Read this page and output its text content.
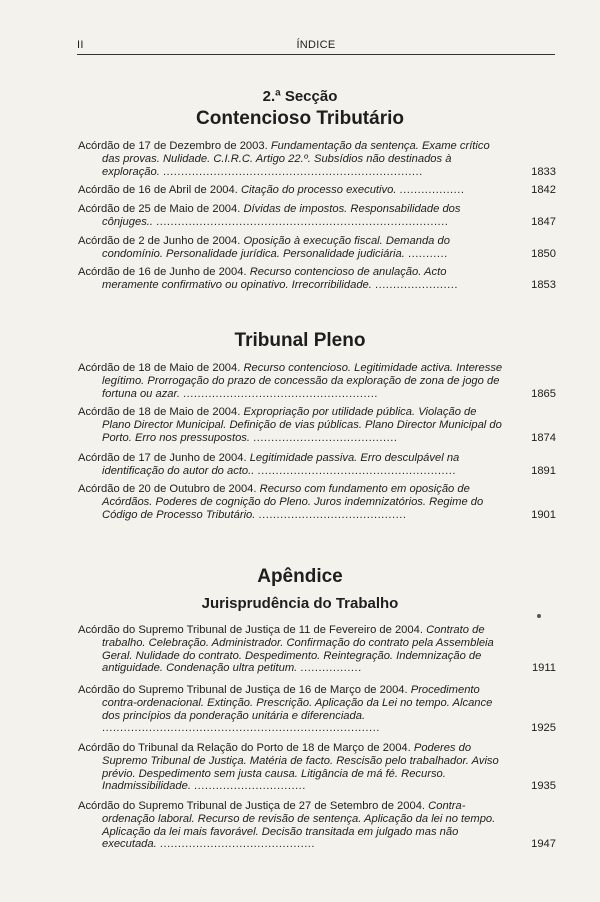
II	ÍNDICE
2.ª Secção
Contencioso Tributário
Acórdão de 17 de Dezembro de 2003. Fundamentação da sentença. Exame crítico das provas. Nulidade. C.I.R.C. Artigo 22.º. Subsídios não destinados à exploração. ........................................................................	1833
Acórdão de 16 de Abril de 2004. Citação do processo executivo. ..................	1842
Acórdão de 25 de Maio de 2004. Dívidas de impostos. Responsabilidade dos cônjuges.. .................................................................................	1847
Acórdão de 2 de Junho de 2004. Oposição à execução fiscal. Demanda do condomínio. Personalidade jurídica. Personalidade judiciária. ...........	1850
Acórdão de 16 de Junho de 2004. Recurso contencioso de anulação. Acto meramente confirmativo ou opinativo. Irrecorribilidade. .......................	1853
Tribunal Pleno
Acórdão de 18 de Maio de 2004. Recurso contencioso. Legitimidade activa. Interesse legítimo. Prorrogação do prazo de concessão da exploração de zona de jogo de fortuna ou azar. ......................................................	1865
Acórdão de 18 de Maio de 2004. Expropriação por utilidade pública. Violação de Plano Director Municipal. Definição de vias públicas. Plano Director Municipal do Porto. Erro nos pressupostos. ........................................	1874
Acórdão de 17 de Junho de 2004. Legitimidade passiva. Erro desculpável na identificação do autor do acto.. .......................................................	1891
Acórdão de 20 de Outubro de 2004. Recurso com fundamento em oposição de Acórdãos. Poderes de cognição do Pleno. Juros indemnizatórios. Regime do Código de Processo Tributário. .........................................	1901
Apêndice
Jurisprudência do Trabalho
Acórdão do Supremo Tribunal de Justiça de 11 de Fevereiro de 2004. Contrato de trabalho. Celebração. Administrador. Confirmação do contrato pela Assembleia Geral. Nulidade do contrato. Despedimento. Reintegração. Indemnização de antiguidade. Condenação ultra petitum. .................	1911
Acórdão do Supremo Tribunal de Justiça de 16 de Março de 2004. Procedimento contra-ordenacional. Extinção. Prescrição. Aplicação da Lei no tempo. Alcance dos princípios da ponderação unitária e diferenciada. .............................................................................	1925
Acórdão do Tribunal da Relação do Porto de 18 de Março de 2004. Poderes do Supremo Tribunal de Justiça. Matéria de facto. Rescisão pelo trabalhador. Aviso prévio. Despedimento sem justa causa. Litigância de má fé. Recurso. Inadmissibilidade. ...............................	1935
Acórdão do Supremo Tribunal de Justiça de 27 de Setembro de 2004. Contra-ordenação laboral. Recurso de revisão de sentença. Aplicação da lei no tempo. Aplicação da lei mais favorável. Decisão transitada em julgado mas não executada. ...........................................	1947
